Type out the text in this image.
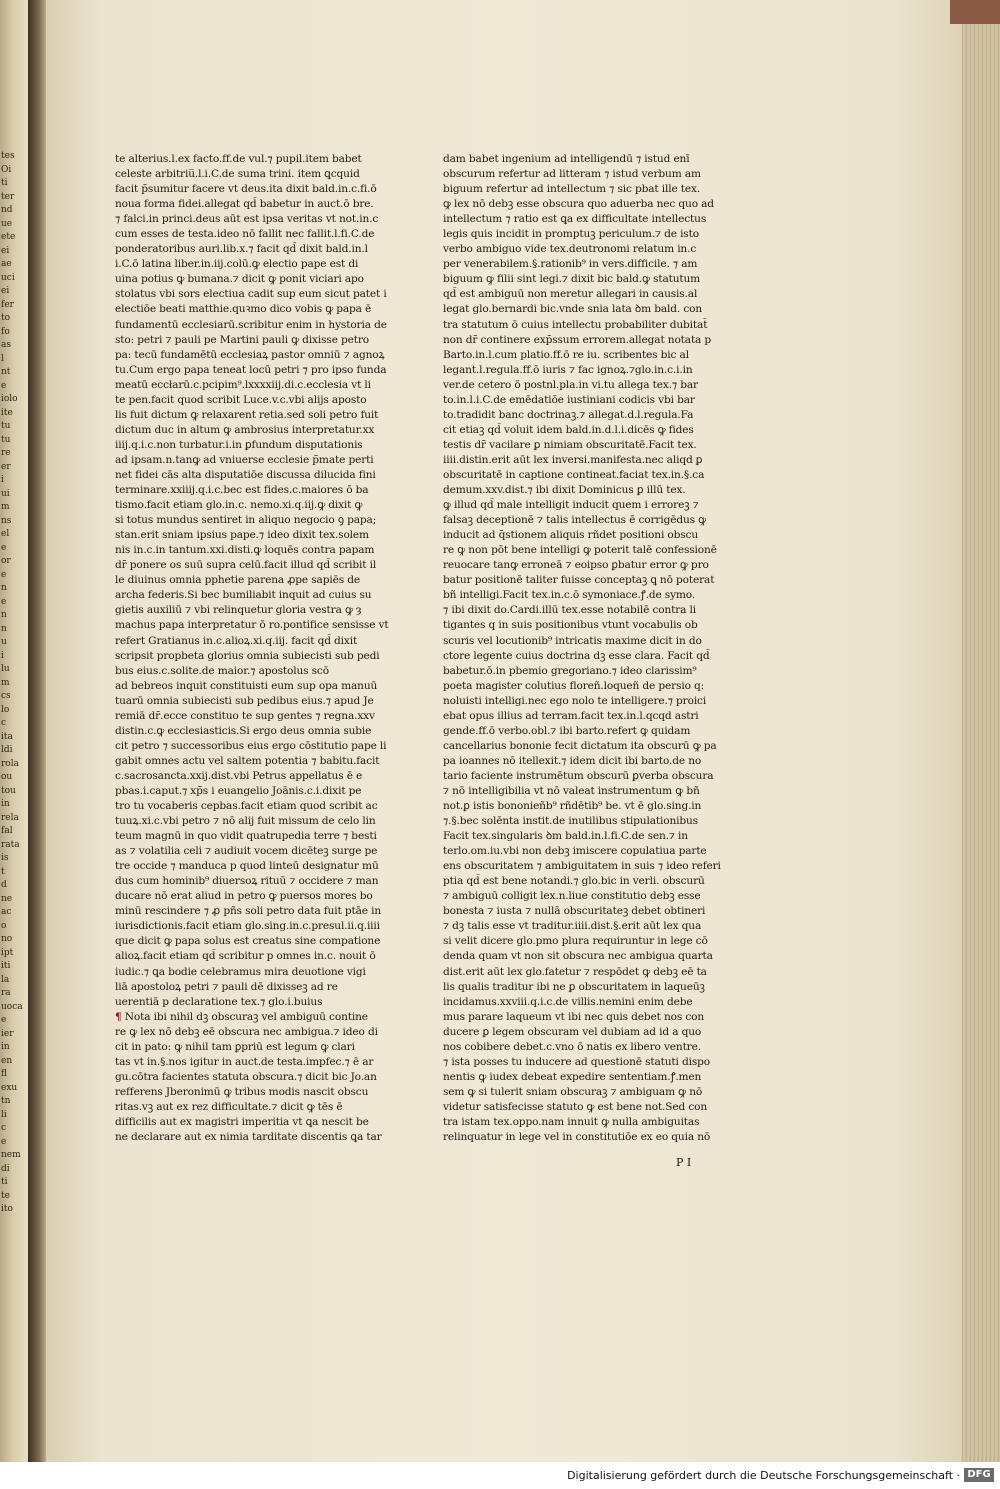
tes
Oi
ti
ter
nd
ue
ete
ei
ae
uci
ei
fer
to
fo
as
l
nt
e
iolo
ite
tu
tu
re
er
i
ui
m
ns
el
e
or
e
n
e
n
n
u
i
lu
m
cs
lo
c
ita
ldi
rola
ou
tou
in
rela
fal
rata
is
t
d
ne
ac
o
no
ipt
iti
la
ra
uoca
e
ier
in
en
fl
exu
tn
li
c
e
nem
di
ti
te
ito
te alterius.l.ex facto.ff.de vul.⁊ pupil.item babet
celeste arbitriu̅.l.i.C.de suma trini. item ꝗcquid
facit p̄sumitur facere vt deus.ita dixit bald.in.c.fi.ō
noua forma fidei.allegat qd̄ babetur in auct.ō bre.
⁊ falci.in princi.deus aūt est ipsa veritas vt not.in.c
cum esses de testa.ideo nō fallit nec fallit.l.fi.C.de
ponderatoribus auri.lib.x.⁊ facit qd̄ dixit bald.in.l
i.C.ō latina liber.in.iij.colū.ꝙ electio pape est di
uina potius ꝙ bumana.⁊ dicit ꝙ ponit viciari apo
stolatus vbi sors electiua cadit sup eum sicut patet i
electiōe beati matthie.quꝛmo dico vobis ꝙ papa ē
fundamentū ecclesiarū.scribitur enim in hystoria de
sto: petri ⁊ pauli pe Martini pauli ꝙ dixisse petro
pa: tecū fundamētū ecclesiaꝝ pastor omniū ⁊ agnoꝝ
tu.Cum ergo papa teneat locū petri ⁊ pro ipso funda
meatū eccłarū.c.pcipim⁹.lxxxxiij.di.c.ecclesia vt li
te pen.facit quod scribit Luce.v.c.vbi alijs aposto
lis fuit dictum ꝙ relaxarent retia.sed soli petro fuit
dictum duc in altum ꝙ ambrosius interpretatur.xx
iiij.q.i.c.non turbatur.i.in ꝑfundum disputationis
ad ipsam.n.tanꝙ ad vniuerse ecclesie p̄mate perti
net fidei cās alta disputatiōe discussa dilucida fini
terminare.xxiiij.q.i.c.bec est fides.c.maiores ō ba
tismo.facit etiam glo.in.c. nemo.xi.q.iij.ꝙ dixit ꝙ
si totus mundus sentiret in aliquo negocio ꝯ papa;
stan.erit sniam ipsius pape.⁊ ideo dixit tex.solem
nis in.c.in tantum.xxi.disti.ꝙ loquēs contra papam
dr̄ ponere os suū supra celū.facit illud qd̄ scribit il
le diuinus omnia pphetie parena ꝓpe sapiēs de
archa federis.Si bec bumiliabit inquit ad cuius su
gietis auxiliū ⁊ vbi relinquetur gloria vestra ꝙ ȝ
machus papa interpretatur ō ro.pontifice sensisse vt
refert Gratianus in.c.alioꝝ.xi.q.iij. facit qd̄ dixit
scripsit propbeta glorius omnia subiecisti sub pedi
bus eius.c.solite.de maior.⁊ apostolus scō
ad bebreos inquit constituisti eum sup opa manuū
tuarū omnia subiecisti sub pedibus eius.⁊ apud Je
remiā dr̄.ecce constituo te sup gentes ⁊ regna.xxv
distin.c.ꝙ ecclesiasticis.Si ergo deus omnia subie
cit petro ⁊ successoribus eius ergo cōstitutio pape li
gabit omnes actu vel saltem potentia ⁊ babitu.facit
c.sacrosancta.xxij.dist.vbi Petrus appellatus ē e
pbas.i.caput.⁊ xp̄s i euangelio Joānis.c.i.dixit pe
tro tu vocaberis cepbas.facit etiam quod scribit ac
tuuꝝ.xi.c.vbi petro ⁊ nō alij fuit missum de celo lin
teum magnū in quo vidit quatrupedia terre ⁊ besti
as ⁊ volatilia celi ⁊ audiuit vocem dicēteꝫ surge pe
tre occide ⁊ manduca p quod linteū designatur mū
dus cum hominib⁹ diuersoꝝ rituū ⁊ occidere ⁊ man
ducare nō erat aliud in petro ꝙ puersos mores bo
minū rescindere ⁊ ꝓ pñs soli petro data fuit ptāe in
iurisdictionis.facit etiam glo.sing.in.c.presul.ii.q.iiii
que dicit ꝙ papa solus est creatus sine compatione
alioꝝ.facit etiam qd̄ scribitur p omnes in.c. nouit ō
iudic.⁊ ꝗa bodie celebramus mira deuotione vigi
liā apostoloꝝ petri ⁊ pauli dē dixisseꝫ ad re
uerentiā p declaratione tex.⁊ glo.i.buius
¶ Nota ibi nihil dꝫ obscuraꝫ vel ambiguū contine
re ꝙ lex nō debꝫ eē obscura nec ambigua.⁊ ideo di
cit in pato: ꝙ nihil tam ꝑpriū est legum ꝙ clari
tas vt in.§.nos igitur in auct.de testa.impfec.⁊ ē ar
gu.cōtra facientes statuta obscura.⁊ dicit bic Jo.an
refferens Jberonimū ꝙ tribus modis nascit obscu
ritas.vꝫ aut ex rez difficultate.⁊ dicit ꝙ tēs ē
difficilis aut ex magistri imperitia vt ꝗa nescit be
ne declarare aut ex nimia tarditate discentis ꝗa tar
dam babet ingenium ad intelligendū ⁊ istud enī
obscurum refertur ad litteram ⁊ istud verbum am
biguum refertur ad intellectum ⁊ sic pbat ille tex.
ꝙ lex nō debꝫ esse obscura quo aduerba nec quo ad
intellectum ⁊ ratio est ꝗa ex difficultate intellectus
legis quis incidit in promptuꝫ periculum.⁊ de isto
verbo ambiguo vide tex.deutronomi relatum in.c
per venerabilem.§.rationib⁹ in vers.difficile. ⁊ am
biguum ꝙ filii sint legi.⁊ dixit bic bald.ꝙ statutum
qd̄ est ambiguū non meretur allegari in causis.al
legat glo.bernardi bic.vnde snia lata ꝺm bald. con
tra statutum ō cuius intellectu probabiliter dubitat̄
non dr̄ continere exp̄ssum errorem.allegat notata p
Barto.in.l.cum platio.ff.ō re iu. scribentes bic al
legant.l.regula.ff.ō iuris ⁊ fac ignoꝝ.⁊glo.in.c.i.in
ver.de cetero ō postnl.pla.in vi.tu allega tex.⁊ bar
to.in.l.i.C.de emēdatiōe iustiniani codicis vbi bar
to.tradidit banc doctrinaꝫ.⁊ allegat.d.l.regula.Fa
cit etiaꝫ qd̄ voluit idem bald.in.d.l.i.dicēs ꝙ fides
testis dr̄ vacilare ꝑ nimiam obscuritatē.Facit tex.
iiii.distin.erit aūt lex inversi.manifesta.nec aliqd ꝑ
obscuritatē in captione contineat.faciat tex.in.§.ca
demum.xxv.dist.⁊ ibi dixit Dominicus ꝑ illū tex.
ꝙ illud qd̄ male intelligit inducit quem i erroreꝫ ⁊
falsaꝫ deceptionē ⁊ talis intellectus ē corrigēdus ꝙ
inducit ad q̄stionem aliquis rñdet positioni obscu
re ꝙ non pōt bene intelligi ꝙ poterit talē confessionē
reuocare tanꝙ erroneā ⁊ eoipso ꝑbatur error ꝙ pro
batur positionē taliter fuisse conceptaꝫ ꝗ nō poterat
bñ intelligi.Facit tex.in.c.ō symoniace.ꝭ.de symo.
⁊ ibi dixit do.Cardi.illū tex.esse notabilē contra li
tigantes q in suis positionibus vtunt vocabulis ob
scuris vel locutionib⁹ intricatis maxime dicit in do
ctore legente cuius doctrina dꝫ esse clara. Facit qd̄
babetur.ō.in pbemio gregoriano.⁊ ideo clarissim⁹
poeta magister colutius floreñ.loqueñ de persio q:
noluisti intelligi.nec ego nolo te intelligere.⁊ proici
ebat opus illius ad terram.facit tex.in.l.qcqd astri
gende.ff.ō verbo.obl.⁊ ibi barto.refert ꝙ quidam
cancellarius bononie fecit dictatum ita obscurū ꝙ pa
pa ioannes nō itellexit.⁊ idem dicit ibi barto.de no
tario faciente instrumētum obscurū ꝑverba obscura
⁊ nō intelligibilia vt nō valeat instrumentum ꝙ bñ
not.ꝑ istis bononieñb⁹ rñdētib⁹ be. vt ē glo.sing.in
⁊.§.bec solēnta instit.de inutilibus stipulationibus
Facit tex.singularis ꝺm bald.in.l.fi.C.de sen.⁊ in
terlo.om.iu.vbi non debꝫ imiscere copulatiua parte
ens obscuritatem ⁊ ambiguitatem in suis ⁊ ideo referi
ptia qd̄ est bene notandi.⁊ glo.bic in verli. obscurū
⁊ ambiguū colligit lex.n.liue constitutio debꝫ esse
bonesta ⁊ iusta ⁊ nullā obscuritateꝫ debet obtineri
⁊ dꝫ talis esse vt traditur.iiii.dist.§.erit aūt lex qua
si velit dicere glo.pmo plura requiruntur in lege cō
denda quam vt non sit obscura nec ambigua quarta
dist.erit aūt lex glo.fatetur ⁊ respōdet ꝙ debꝫ eē ta
lis qualis traditur ibi ne ꝑ obscuritatem in laqueūꝫ
incidamus.xxviii.q.i.c.de villis.nemini enim debe
mus parare laqueum vt ibi nec quis debet nos con
ducere ꝑ legem obscuram vel dubiam ad id a quo
nos cobibere debet.c.vno ō natis ex libero ventre.
⁊ ista posses tu inducere ad questionē statuti dispo
nentis ꝙ iudex debeat expedire sententiam.ꝭ.men
sem ꝙ si tulerit sniam obscuraꝫ ⁊ ambiguam ꝙ nō
videtur satisfecisse statuto ꝙ est bene not.Sed con
tra istam tex.oppo.nam innuit ꝙ nulla ambiguitas
relinquatur in lege vel in constitutiōe ex eo quia nō
P I
Digitalisierung gefördert durch die Deutsche Forschungsgemeinschaft · DFG
